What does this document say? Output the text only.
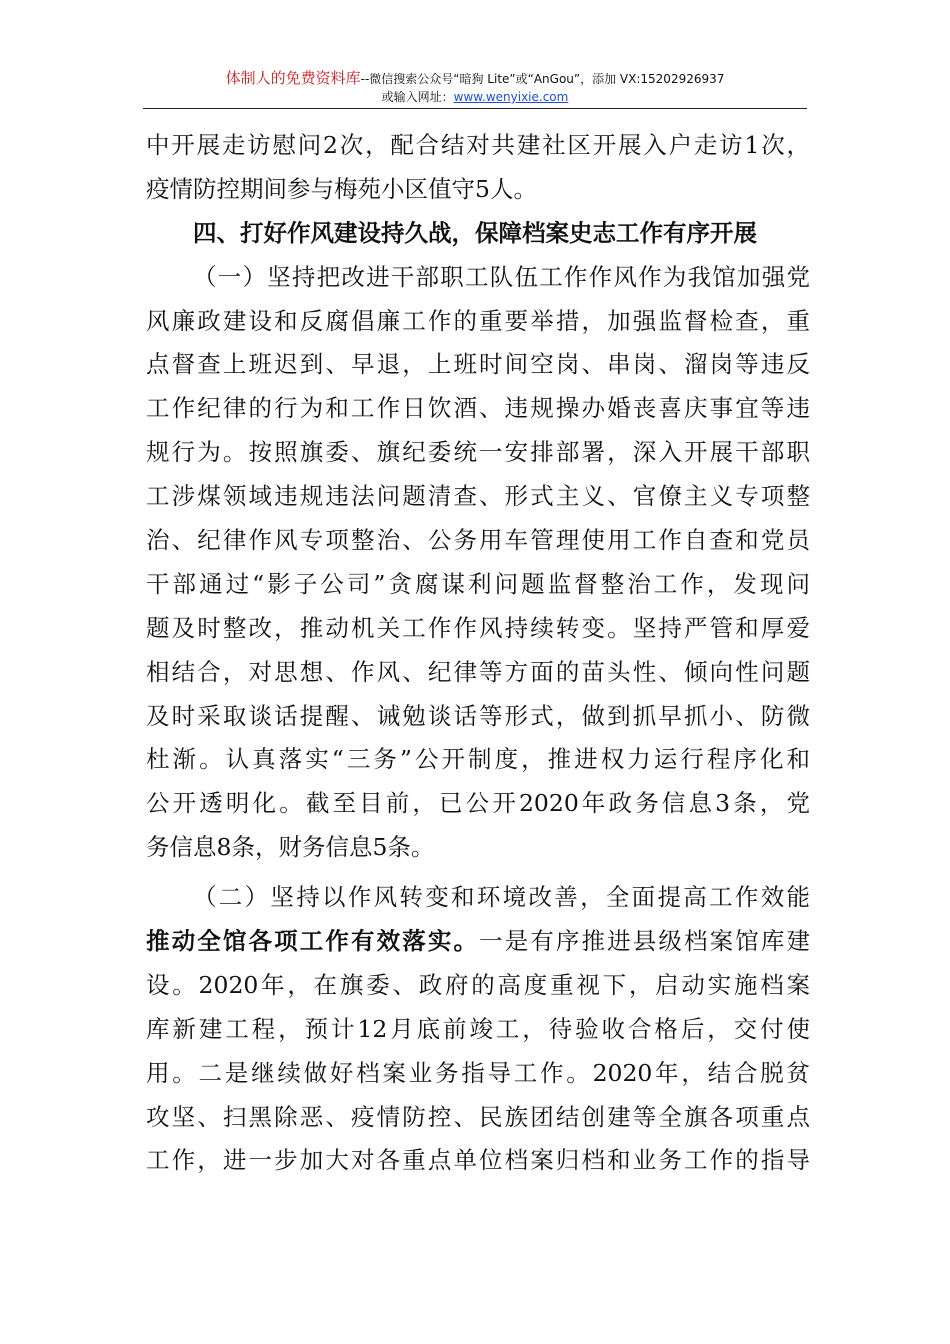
体制人的免费资料库--微信搜索公众号“暗狗 Lite”或“AnGou”，添加 VX:15202926937
或输入网址：www.wenyixie.com
中开展走访慰问2次，配合结对共建社区开展入户走访1次，
疫情防控期间参与梅苑小区值守5人。
四、打好作风建设持久战，保障档案史志工作有序开展
（一）坚持把改进干部职工队伍工作作风作为我馆加强党
风廉政建设和反腐倡廉工作的重要举措，加强监督检查，重
点督查上班迟到、早退，上班时间空岗、串岗、溜岗等违反
工作纪律的行为和工作日饮酒、违规操办婚丧喜庆事宜等违
规行为。按照旗委、旗纪委统一安排部署，深入开展干部职
工涉煤领域违规违法问题清查、形式主义、官僚主义专项整
治、纪律作风专项整治、公务用车管理使用工作自查和党员
干部通过“影子公司”贪腐谋利问题监督整治工作，发现问
题及时整改，推动机关工作作风持续转变。坚持严管和厚爱
相结合，对思想、作风、纪律等方面的苗头性、倾向性问题
及时采取谈话提醒、诫勉谈话等形式，做到抓早抓小、防微
杜渐。认真落实“三务”公开制度，推进权力运行程序化和
公开透明化。截至目前，已公开2020年政务信息3条，党
务信息8条，财务信息5条。
（二）坚持以作风转变和环境改善，全面提高工作效能
推动全馆各项工作有效落实。一是有序推进县级档案馆库建
设。2020年，在旗委、政府的高度重视下，启动实施档案
库新建工程，预计12月底前竣工，待验收合格后，交付使
用。二是继续做好档案业务指导工作。2020年，结合脱贫
攻坚、扫黑除恶、疫情防控、民族团结创建等全旗各项重点
工作，进一步加大对各重点单位档案归档和业务工作的指导
